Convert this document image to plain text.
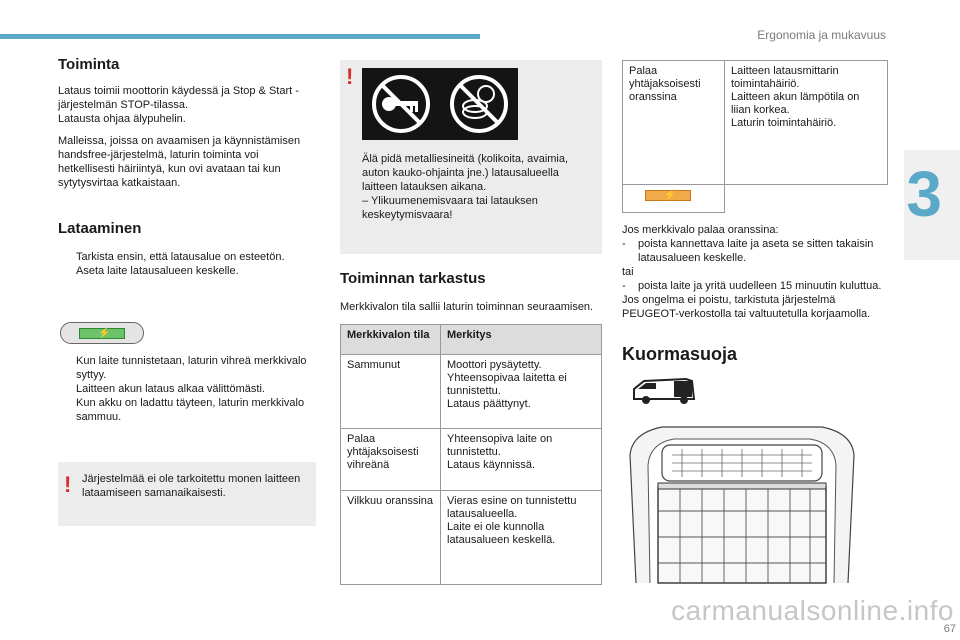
Ergonomia ja mukavuus
3
Toiminta

Lataus toimii moottorin käydessä ja Stop & Start -järjestelmän STOP-tilassa.
Latausta ohjaa älypuhelin.

Malleissa, joissa on avaamisen ja käynnistämisen handsfree-järjestelmä, laturin toiminta voi hetkellisesti häiriintyä, kun ovi avataan tai kun sytytysvirtaa katkaistaan.

Lataaminen
Tarkista ensin, että latausalue on esteetön.
Aseta laite latausalueen keskelle.
⚡
Kun laite tunnistetaan, laturin vihreä merkkivalo syttyy.
Laitteen akun lataus alkaa välittömästi.
Kun akku on ladattu täyteen, laturin merkkivalo sammuu.
! Järjestelmää ei ole tarkoitettu monen laitteen lataamiseen samanaikaisesti.
!
Älä pidä metalliesineitä (kolikoita, avaimia, auton kauko-ohjainta jne.) latausalueella laitteen latauksen aikana.
– Ylikuumenemisvaara tai latauksen keskeytymisvaara!
Toiminnan tarkastus

Merkkivalon tila sallii laturin toiminnan seuraamisen.

Merkkivalon tila	Merkitys
Sammunut	Moottori pysäytetty.
Yhteensopivaa laitetta ei tunnistettu.
Lataus päättynyt.
Palaa yhtäjaksoisesti vihreänä	Yhteensopiva laite on tunnistettu.
Lataus käynnissä.
Vilkkuu oranssina	Vieras esine on tunnistettu latausalueella.
Laite ei ole kunnolla latausalueen keskellä.
Palaa yhtäjaksoisesti oranssina	Laitteen latausmittarin toimintahäiriö.
Laitteen akun lämpötila on liian korkea.
Laturin toimintahäiriö.

⚡	

Jos merkkivalo palaa oranssina:
- poista kannettava laite ja aseta se sitten takaisin latausalueen keskelle.
tai
- poista laite ja yritä uudelleen 15 minuutin kuluttua.
Jos ongelma ei poistu, tarkistuta järjestelmä PEUGEOT-verkostolla tai valtuutetulla korjaamolla.
Kuormasuoja

carmanualsonline.info
67
